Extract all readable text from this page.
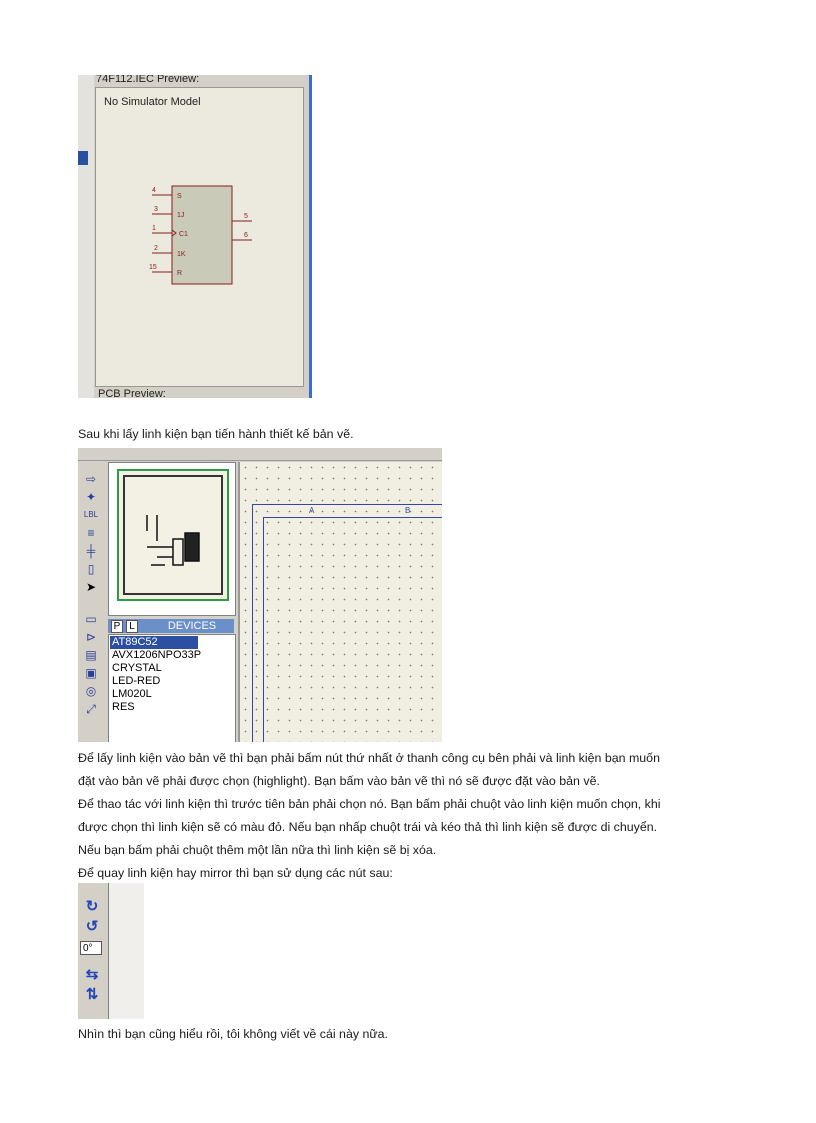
74F112.IEC Preview:
No Simulator Model
4
3
1
2
15
S
1J
C1
1K
R
5
6
PCB Preview:
Sau khi lấy linh kiện bạn tiến hành thiết kế bản vẽ.
⇨
✦
LBL
≡
╪
▯
➤
▭
⊳
▤
▣
◎
⤢
P L	DEVICES
AT89C52
AVX1206NPO33P
CRYSTAL
LED-RED
LM020L
RES
A	B
Để lấy linh kiện vào bản vẽ thì bạn phải bấm nút thứ nhất ở thanh công cụ bên phải và linh kiện bạn muốn
đặt vào bản vẽ phải được chọn (highlight). Bạn bấm vào bản vẽ thì nó sẽ được đặt vào bản vẽ.
Để thao tác với linh kiện thì trước tiên bản phải chọn nó. Bạn bấm phải chuột vào linh kiện muốn chọn, khi
được chọn thì linh kiện sẽ có màu đỏ. Nếu bạn nhấp chuột trái và kéo thả thì linh kiện sẽ được di chuyển.
Nếu bạn bấm phải chuột thêm một lần nữa thì linh kiện sẽ bị xóa.
Để quay linh kiện hay mirror thì bạn sử dụng các nút sau:
↻
↺
0°
⇆
⇅
Nhìn thì bạn cũng hiểu rồi, tôi không viết về cái này nữa.
